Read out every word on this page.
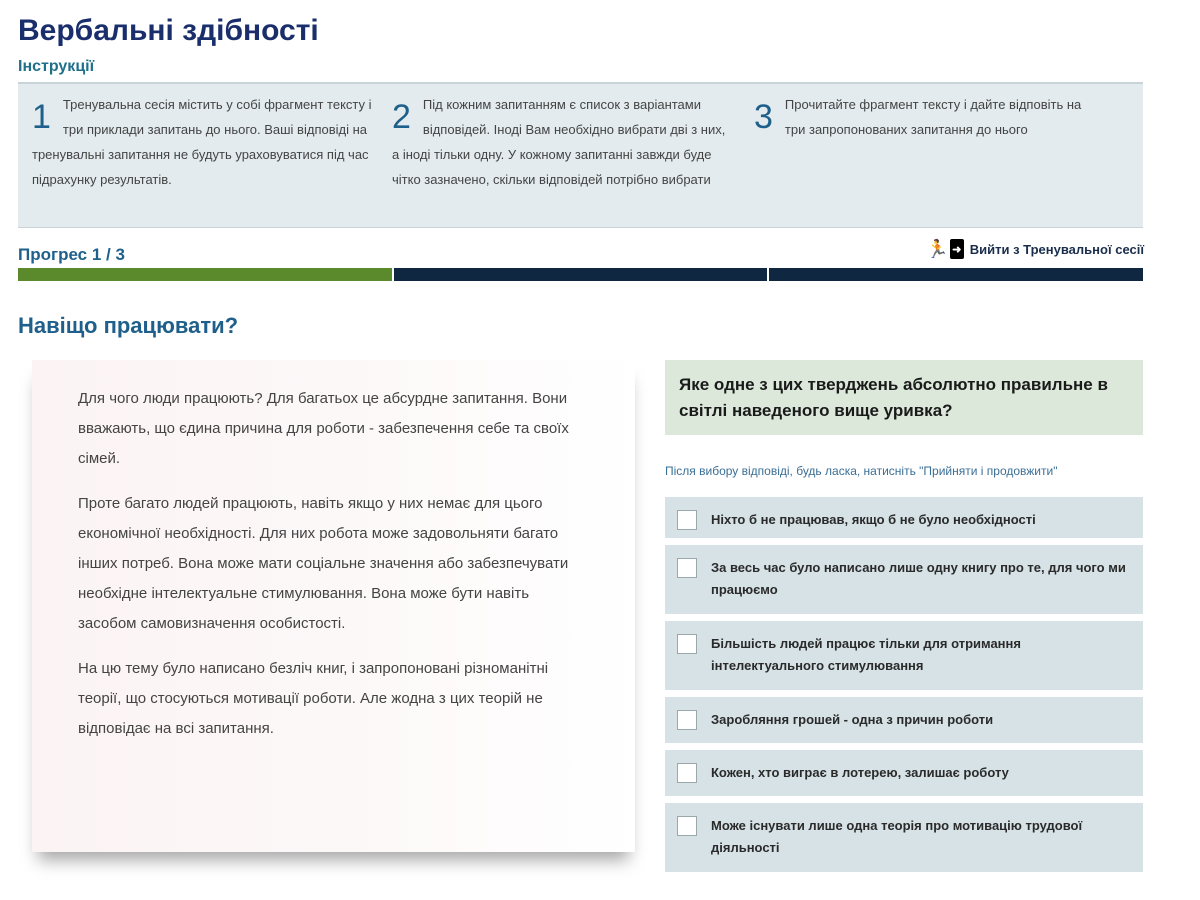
Вербальні здібності
Інструкції
1 Тренувальна сесія містить у собі фрагмент тексту і три приклади запитань до нього. Ваші відповіді на тренувальні запитання не будуть ураховуватися під час підрахунку результатів.
2 Під кожним запитанням є список з варіантами відповідей. Іноді Вам необхідно вибрати дві з них, а іноді тільки одну. У кожному запитанні завжди буде чітко зазначено, скільки відповідей потрібно вибрати
3 Прочитайте фрагмент тексту і дайте відповіть на три запропонованих запитання до нього
Прогрес 1 / 3	🏃 ➜ Вийти з Тренувальної сесії
Навіщо працювати?

Для чого люди працюють? Для багатьох це абсурдне запитання. Вони вважають, що єдина причина для роботи - забезпечення себе та своїх сімей.

Проте багато людей працюють, навіть якщо у них немає для цього економічної необхідності. Для них робота може задовольняти багато інших потреб. Вона може мати соціальне значення або забезпечувати необхідне інтелектуальне стимулювання. Вона може бути навіть засобом самовизначення особистості.

На цю тему було написано безліч книг, і запропоновані різноманітні теорії, що стосуються мотивації роботи. Але жодна з цих теорій не відповідає на всі запитання.

Яке одне з цих тверджень абсолютно правильне в світлі наведеного вище уривка?
Після вибору відповіді, будь ласка, натисніть "Прийняти і продовжити"
Ніхто б не працював, якщо б не було необхідності
За весь час було написано лише одну книгу про те, для чого ми працюємо
Більшість людей працює тільки для отримання інтелектуального стимулювання
Заробляння грошей - одна з причин роботи
Кожен, хто виграє в лотерею, залишає роботу
Може існувати лише одна теорія про мотивацію трудової діяльності
